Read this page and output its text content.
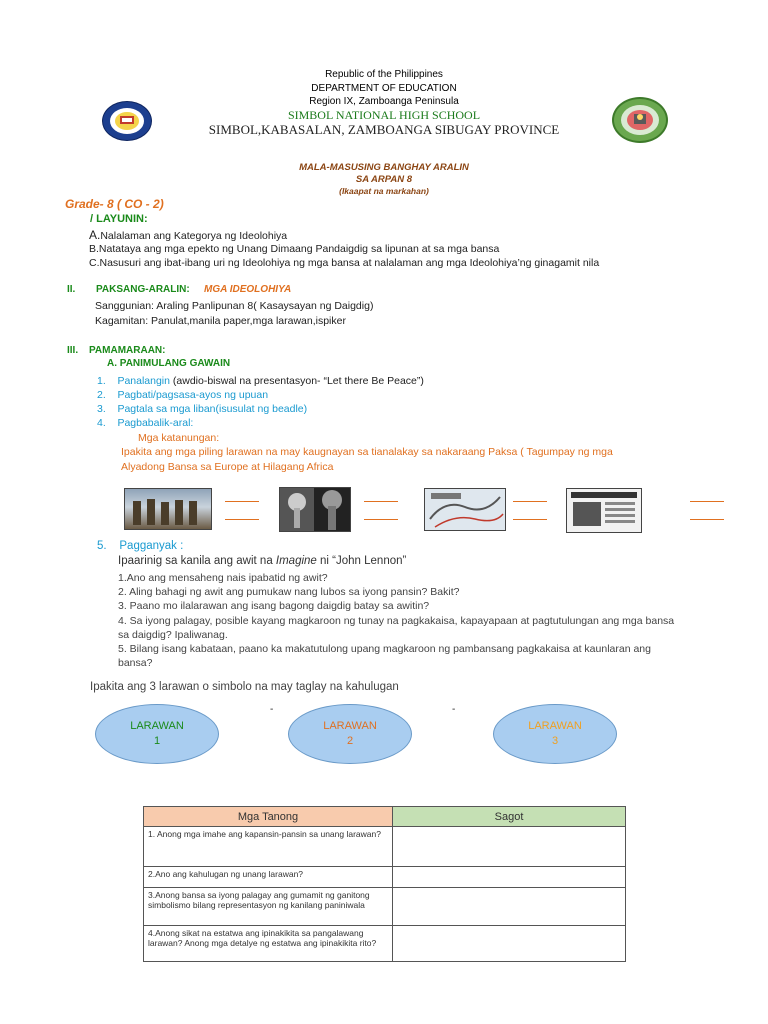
Republic of the Philippines
DEPARTMENT OF EDUCATION
Region IX, Zamboanga Peninsula
SIMBOL NATIONAL HIGH SCHOOL
SIMBOL,KABASALAN, ZAMBOANGA SIBUGAY PROVINCE
MALA-MASUSING BANGHAY ARALIN
SA ARPAN 8
(Ikaapat na markahan)
Grade- 8 ( CO - 2)
/ LAYUNIN:
A.Nalalaman ang Kategorya ng Ideolohiya
B.Natataya ang mga epekto ng Unang Dimaang Pandaigdig sa lipunan at sa mga bansa
C.Nasusuri ang ibat-ibang uri ng Ideolohiya ng mga bansa at nalalaman ang mga Ideolohiya’ng ginagamit nila
II. PAKSANG-ARALIN: MGA IDEOLOHIYA
Sanggunian: Araling Panlipunan 8( Kasaysayan ng Daigdig)
Kagamitan: Panulat,manila paper,mga larawan,ispiker
III. PAMAMARAAN:
A. PANIMULANG GAWAIN
1. Panalangin (awdio-biswal na presentasyon- “Let there Be Peace”)
2. Pagbati/pagsasa-ayos ng upuan
3. Pagtala sa mga liban(isusulat ng beadle)
4. Pagbabalik-aral:
Mga katanungan:
Ipakita ang mga piling larawan na may kaugnayan sa tianalakay sa nakaraang Paksa ( Tagumpay ng mga
Alyadong Bansa sa Europe at Hilagang Africa
5. Pagganyak :
Ipaarinig sa kanila ang awit na Imagine ni “John Lennon”
1.Ano ang mensaheng nais ipabatid ng awit?
2. Aling bahagi ng awit ang pumukaw nang lubos sa iyong pansin? Bakit?
3. Paano mo ilalarawan ang isang bagong daigdig batay sa awitin?
4. Sa iyong palagay, posible kayang magkaroon ng tunay na pagkakaisa, kapayapaan at pagtutulungan ang mga bansa
sa daigdig? Ipaliwanag.
5. Bilang isang kabataan, paano ka makatutulong upang magkaroon ng pambansang pagkakaisa at kaunlaran ang
bansa?
Ipakita ang 3 larawan o simbolo na may taglay na kahulugan
-	-
LARAWAN
1
LARAWAN
2
LARAWAN
3
Mga Tanong	Sagot
1. Anong mga imahe ang kapansin-pansin sa unang larawan?	
2.Ano ang kahulugan ng unang larawan?	
3.Anong bansa sa iyong palagay ang gumamit ng ganitong simbolismo bilang representasyon ng kanilang paniniwala	
4.Anong sikat na estatwa ang ipinakikita sa pangalawang larawan? Anong mga detalye ng estatwa ang ipinakikita rito?	
